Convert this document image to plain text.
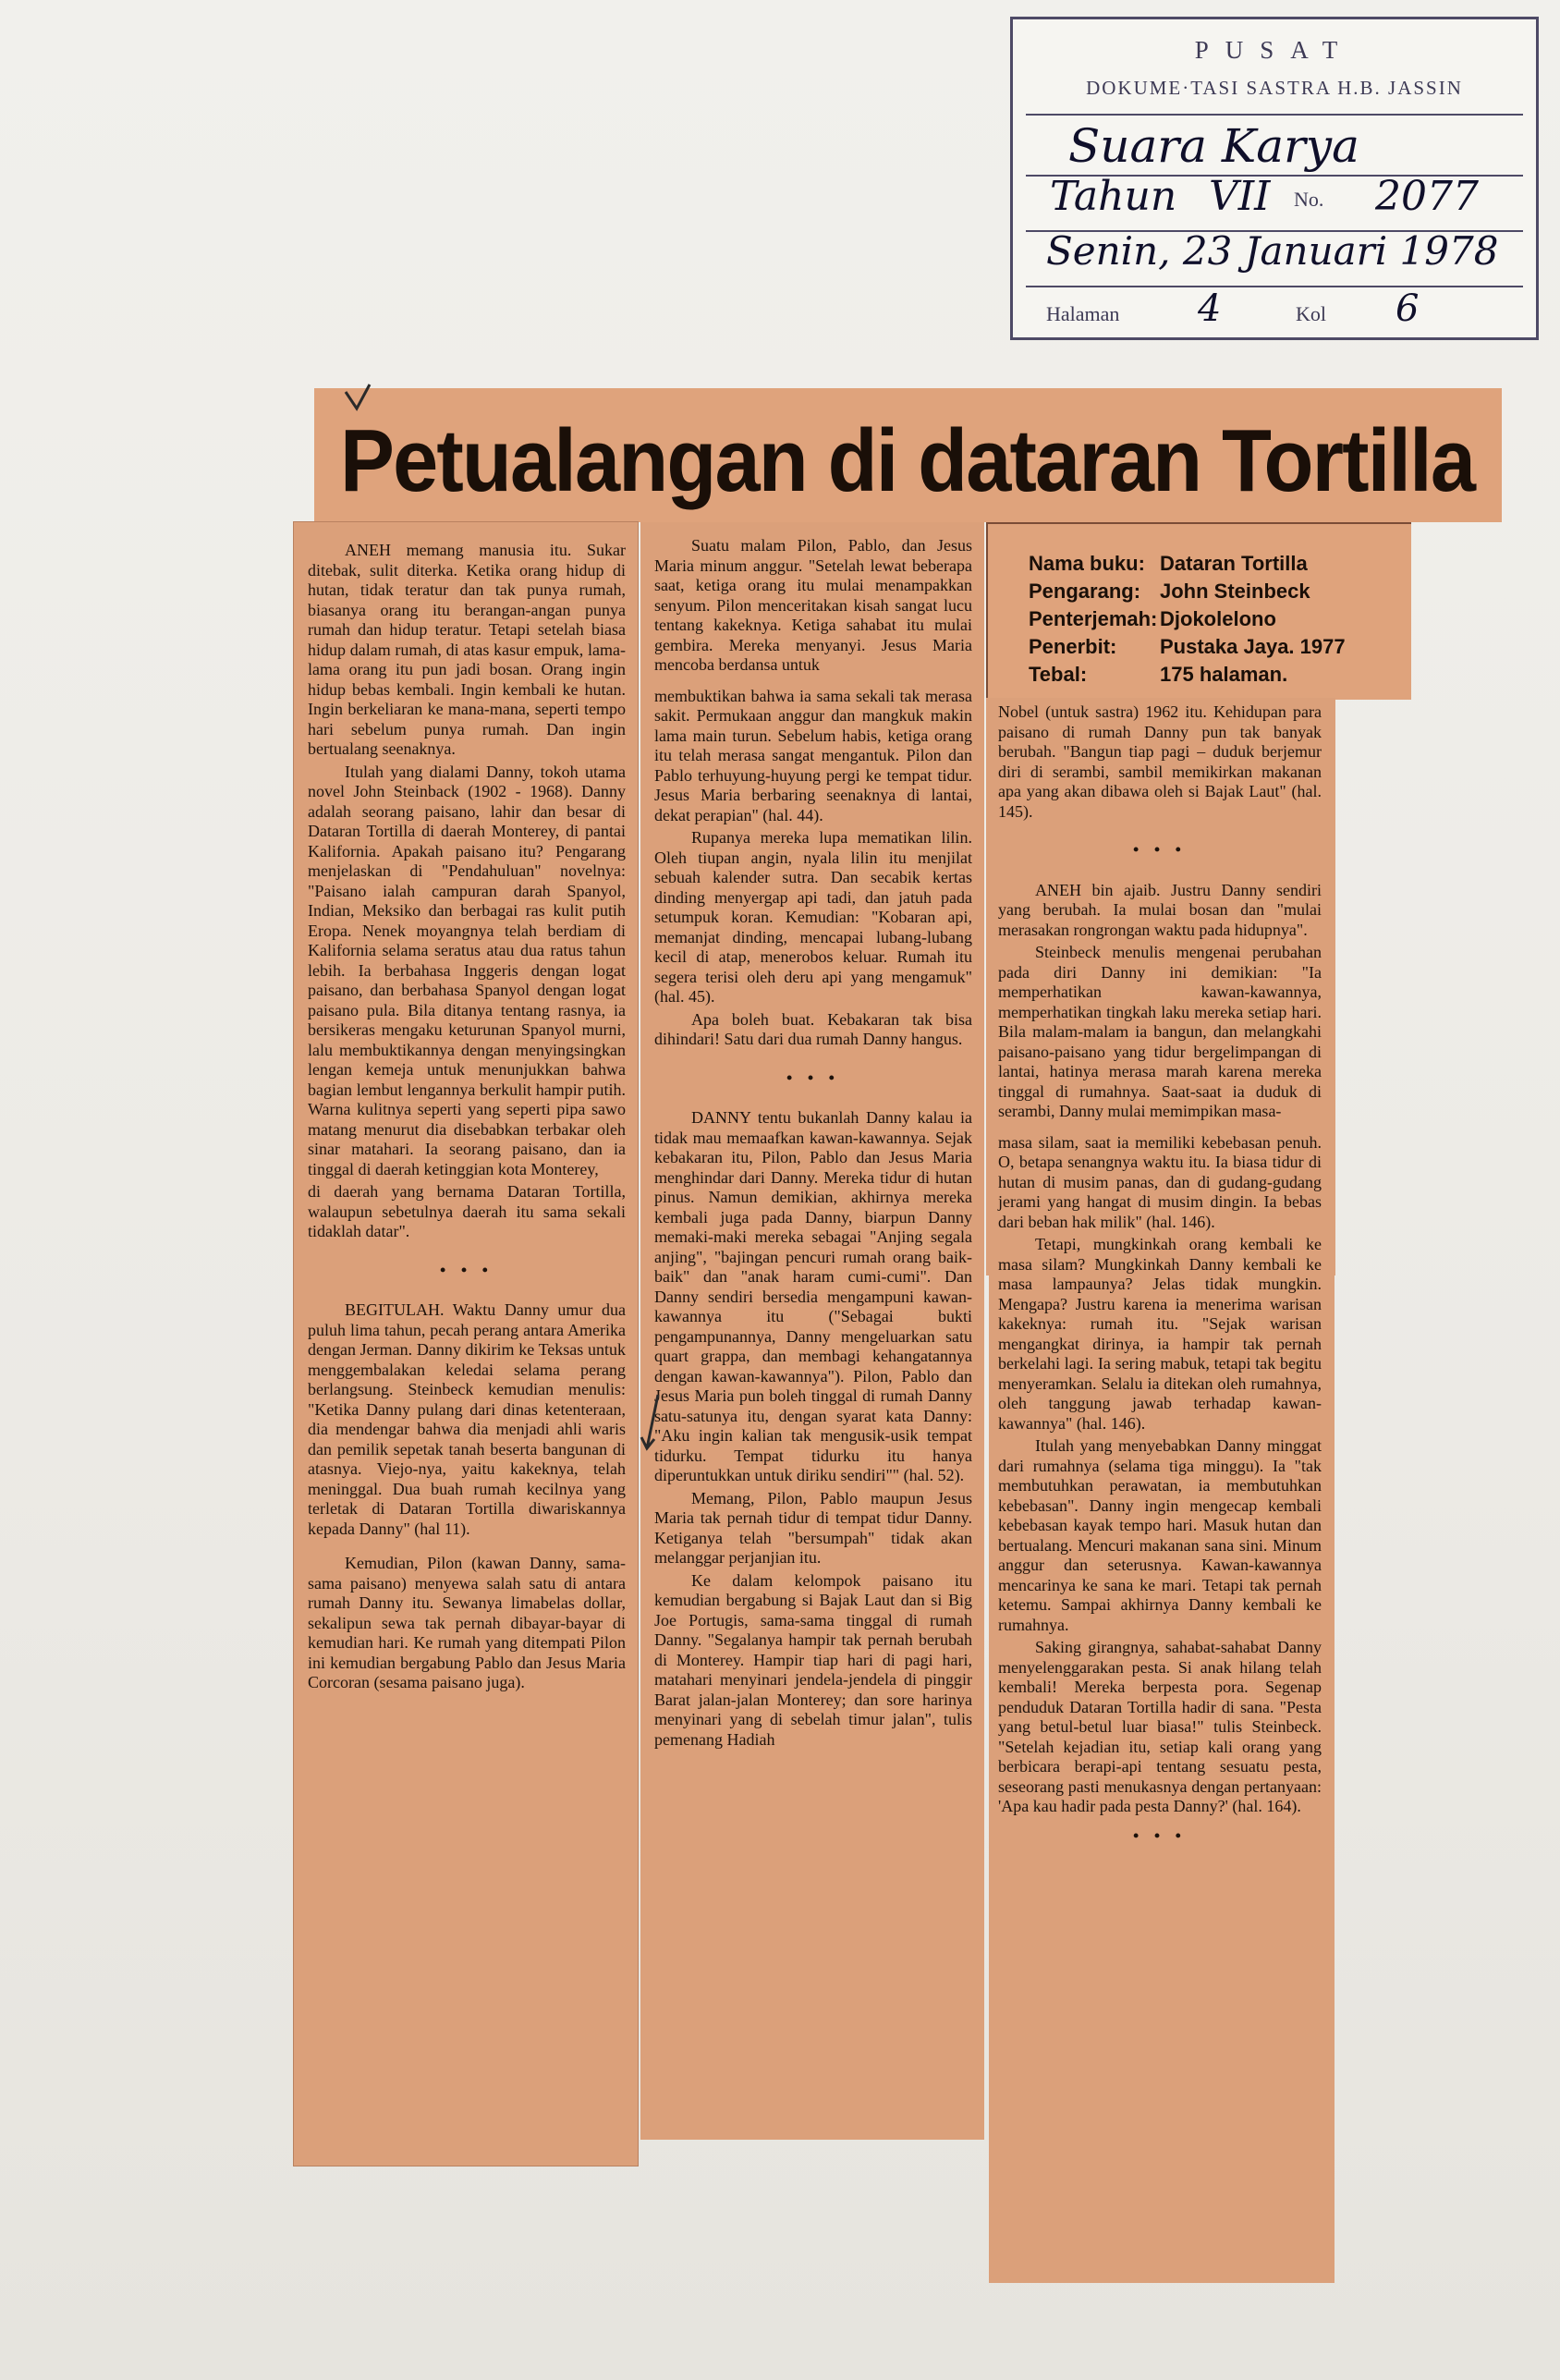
PUSAT
DOKUME·TASI SASTRA H.B. JASSIN
Suara Karya
Tahun VII No. 2077
Senin, 23 Januari 1978
Halaman 4	Kol 6
Petualangan di dataran Tortilla

ANEH memang manusia itu. Sukar ditebak, sulit diterka. Ketika orang hidup di hutan, tidak teratur dan tak punya rumah, biasanya orang itu berangan-angan punya rumah dan hidup teratur. Tetapi setelah biasa hidup dalam rumah, di atas kasur empuk, lama-lama orang itu pun jadi bosan. Orang ingin hidup bebas kembali. Ingin kembali ke hutan. Ingin berkeliaran ke mana-mana, seperti tempo hari sebelum punya rumah. Dan ingin bertualang seenaknya.

Itulah yang dialami Danny, tokoh utama novel John Steinback (1902 - 1968). Danny adalah seorang paisano, lahir dan besar di Dataran Tortilla di daerah Monterey, di pantai Kalifornia. Apakah paisano itu? Pengarang menjelaskan di "Pendahuluan" novelnya: "Paisano ialah campuran darah Spanyol, Indian, Meksiko dan berbagai ras kulit putih Eropa. Nenek moyangnya telah berdiam di Kalifornia selama seratus atau dua ratus tahun lebih. Ia berbahasa Inggeris dengan logat paisano, dan berbahasa Spanyol dengan logat paisano pula. Bila ditanya tentang rasnya, ia bersikeras mengaku keturunan Spanyol murni, lalu membuktikannya dengan menyingsingkan lengan kemeja untuk menunjukkan bahwa bagian lembut lengannya berkulit hampir putih. Warna kulitnya seperti yang seperti pipa sawo matang menurut dia disebabkan terbakar oleh sinar matahari. Ia seorang paisano, dan ia tinggal di daerah ketinggian kota Monterey,

di daerah yang bernama Dataran Tortilla, walaupun sebetulnya daerah itu sama sekali tidaklah datar".

• • •

BEGITULAH. Waktu Danny umur dua puluh lima tahun, pecah perang antara Amerika dengan Jerman. Danny dikirim ke Teksas untuk menggembalakan keledai selama perang berlangsung. Steinbeck kemudian menulis: "Ketika Danny pulang dari dinas ketenteraan, dia mendengar bahwa dia menjadi ahli waris dan pemilik sepetak tanah beserta bangunan di atasnya. Viejo-nya, yaitu kakeknya, telah meninggal. Dua buah rumah kecilnya yang terletak di Dataran Tortilla diwariskannya kepada Danny" (hal 11).

Kemudian, Pilon (kawan Danny, sama-sama paisano) menyewa salah satu di antara rumah Danny itu. Sewanya limabelas dollar, sekalipun sewa tak pernah dibayar-bayar di kemudian hari. Ke rumah yang ditempati Pilon ini kemudian bergabung Pablo dan Jesus Maria Corcoran (sesama paisano juga).

Suatu malam Pilon, Pablo, dan Jesus Maria minum anggur. "Setelah lewat beberapa saat, ketiga orang itu mulai menampakkan senyum. Pilon menceritakan kisah sangat lucu tentang kakeknya. Ketiga sahabat itu mulai gembira. Mereka menyanyi. Jesus Maria mencoba berdansa untuk

membuktikan bahwa ia sama sekali tak merasa sakit. Permukaan anggur dan mangkuk makin lama main turun. Sebelum habis, ketiga orang itu telah merasa sangat mengantuk. Pilon dan Pablo terhuyung-huyung pergi ke tempat tidur. Jesus Maria berbaring seenaknya di lantai, dekat perapian" (hal. 44).

Rupanya mereka lupa mematikan lilin. Oleh tiupan angin, nyala lilin itu menjilat sebuah kalender sutra. Dan secabik kertas dinding menyergap api tadi, dan jatuh pada setumpuk koran. Kemudian: "Kobaran api, memanjat dinding, mencapai lubang-lubang kecil di atap, menerobos keluar. Rumah itu segera terisi oleh deru api yang mengamuk" (hal. 45).

Apa boleh buat. Kebakaran tak bisa dihindari! Satu dari dua rumah Danny hangus.

• • •

DANNY tentu bukanlah Danny kalau ia tidak mau memaafkan kawan-kawannya. Sejak kebakaran itu, Pilon, Pablo dan Jesus Maria menghindar dari Danny. Mereka tidur di hutan pinus. Namun demikian, akhirnya mereka kembali juga pada Danny, biarpun Danny memaki-maki mereka sebagai "Anjing segala anjing", "bajingan pencuri rumah orang baik-baik" dan "anak haram cumi-cumi". Dan Danny sendiri bersedia mengampuni kawan-kawannya itu ("Sebagai bukti pengampunannya, Danny mengeluarkan satu quart grappa, dan membagi kehangatannya dengan kawan-kawannya"). Pilon, Pablo dan Jesus Maria pun boleh tinggal di rumah Danny satu-satunya itu, dengan syarat kata Danny: "Aku ingin kalian tak mengusik-usik tempat tidurku. Tempat tidurku itu hanya diperuntukkan untuk diriku sendiri"" (hal. 52).

Memang, Pilon, Pablo maupun Jesus Maria tak pernah tidur di tempat tidur Danny. Ketiganya telah "bersumpah" tidak akan melanggar perjanjian itu.

Ke dalam kelompok paisano itu kemudian bergabung si Bajak Laut dan si Big Joe Portugis, sama-sama tinggal di rumah Danny. "Segalanya hampir tak pernah berubah di Monterey. Hampir tiap hari di pagi hari, matahari menyinari jendela-jendela di pinggir Barat jalan-jalan Monterey; dan sore harinya menyinari yang di sebelah timur jalan", tulis pemenang Hadiah

Nama buku: Dataran Tortilla
Pengarang: John Steinbeck
Penterjemah: Djokolelono
Penerbit: Pustaka Jaya. 1977
Tebal:	175 halaman.

Nobel (untuk sastra) 1962 itu. Kehidupan para paisano di rumah Danny pun tak banyak berubah. "Bangun tiap pagi – duduk berjemur diri di serambi, sambil memikirkan makanan apa yang akan dibawa oleh si Bajak Laut" (hal. 145).

• • •

ANEH bin ajaib. Justru Danny sendiri yang berubah. Ia mulai bosan dan "mulai merasakan rongrongan waktu pada hidupnya".

Steinbeck menulis mengenai perubahan pada diri Danny ini demikian: "Ia memperhatikan kawan-kawannya, memperhatikan tingkah laku mereka setiap hari. Bila malam-malam ia bangun, dan melangkahi paisano-paisano yang tidur bergelimpangan di lantai, hatinya merasa marah karena mereka tinggal di rumahnya. Saat-saat ia duduk di serambi, Danny mulai memimpikan masa-

masa silam, saat ia memiliki kebebasan penuh. O, betapa senangnya waktu itu. Ia biasa tidur di hutan di musim panas, dan di gudang-gudang jerami yang hangat di musim dingin. Ia bebas dari beban hak milik" (hal. 146).

Tetapi, mungkinkah orang kembali ke masa silam? Mungkinkah Danny kembali ke masa lampaunya? Jelas tidak mungkin. Mengapa? Justru karena ia menerima warisan kakeknya: rumah itu. "Sejak warisan mengangkat dirinya, ia hampir tak pernah berkelahi lagi. Ia sering mabuk, tetapi tak begitu menyeramkan. Selalu ia ditekan oleh rumahnya, oleh tanggung jawab terhadap kawan-kawannya" (hal. 146).

Itulah yang menyebabkan Danny minggat dari rumahnya (selama tiga minggu). Ia "tak membutuhkan perawatan, ia membutuhkan kebebasan". Danny ingin mengecap kembali kebebasan kayak tempo hari. Masuk hutan dan bertualang. Mencuri makanan sana sini. Minum anggur dan seterusnya. Kawan-kawannya mencarinya ke sana ke mari. Tetapi tak pernah ketemu. Sampai akhirnya Danny kembali ke rumahnya.

Saking girangnya, sahabat-sahabat Danny menyelenggarakan pesta. Si anak hilang telah kembali! Mereka berpesta pora. Segenap penduduk Dataran Tortilla hadir di sana. "Pesta yang betul-betul luar biasa!" tulis Steinbeck. "Setelah kejadian itu, setiap kali orang yang berbicara berapi-api tentang sesuatu pesta, seseorang pasti menukasnya dengan pertanyaan: 'Apa kau hadir pada pesta Danny?' (hal. 164).

• • •
